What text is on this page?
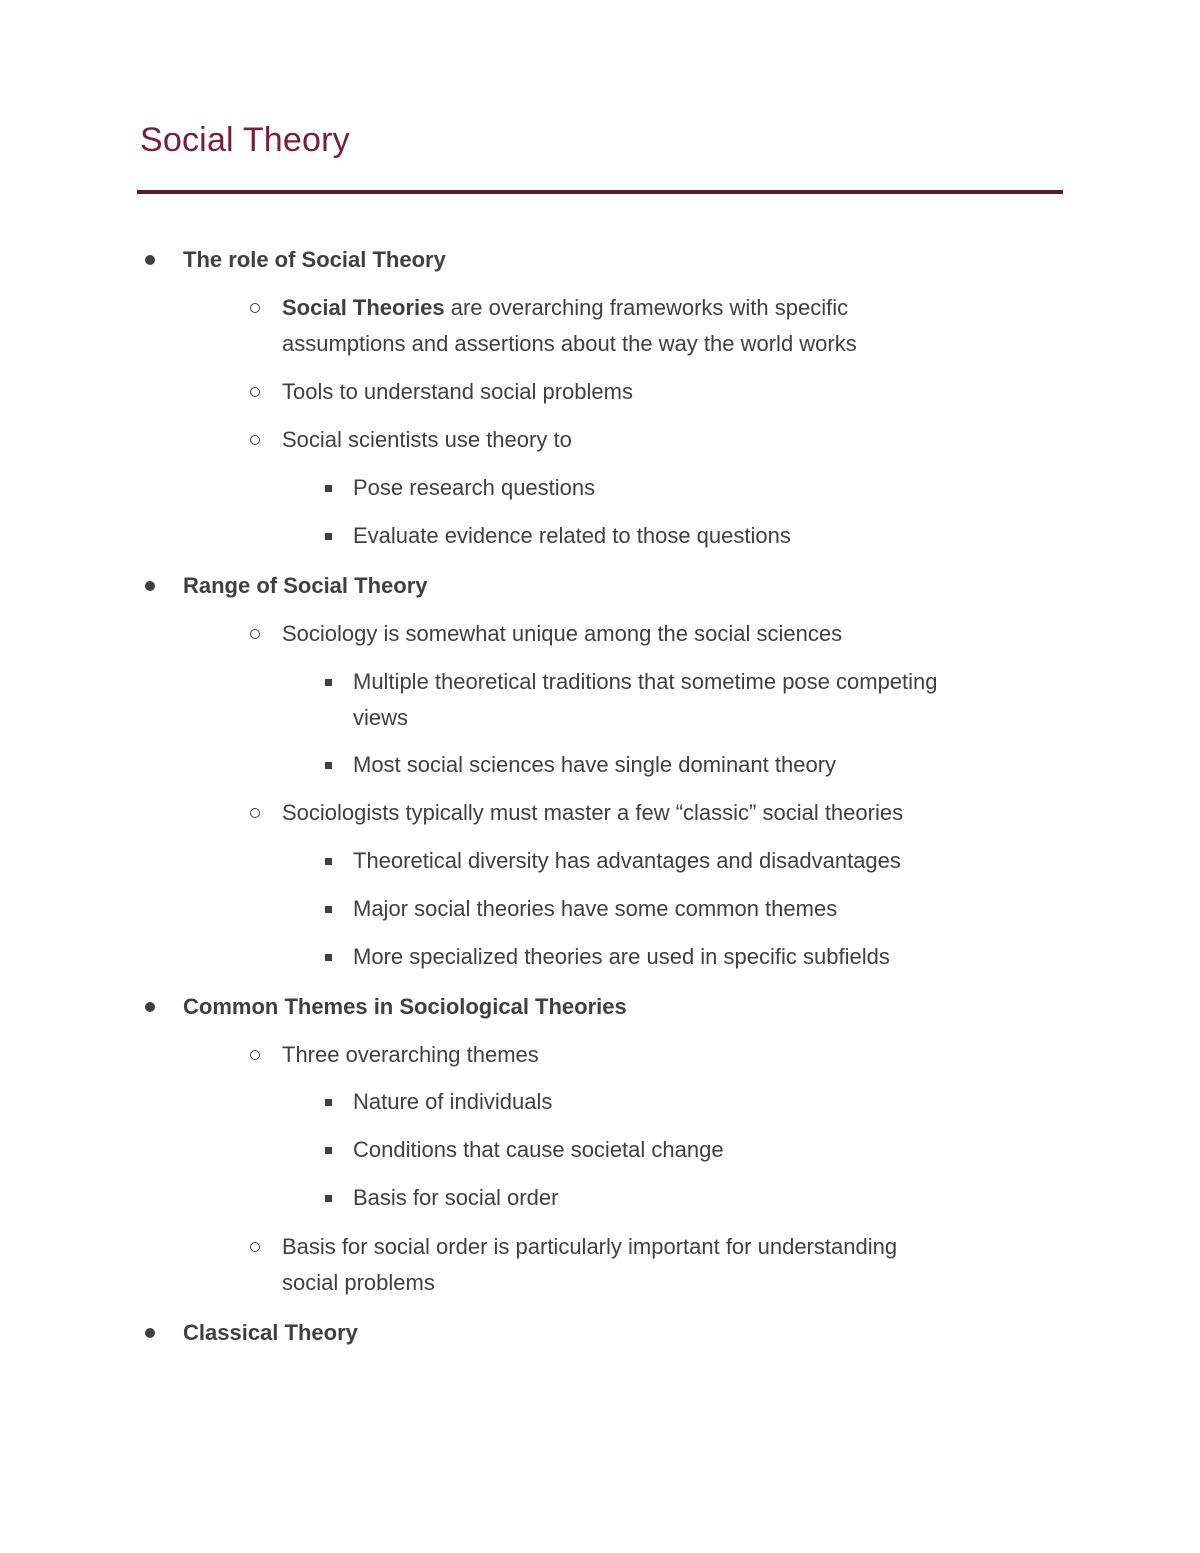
Social Theory
The role of Social Theory
Social Theories are overarching frameworks with specific
assumptions and assertions about the way the world works
Tools to understand social problems
Social scientists use theory to
Pose research questions
Evaluate evidence related to those questions
Range of Social Theory
Sociology is somewhat unique among the social sciences
Multiple theoretical traditions that sometime pose competing
views
Most social sciences have single dominant theory
Sociologists typically must master a few “classic” social theories
Theoretical diversity has advantages and disadvantages
Major social theories have some common themes
More specialized theories are used in specific subfields
Common Themes in Sociological Theories
Three overarching themes
Nature of individuals
Conditions that cause societal change
Basis for social order
Basis for social order is particularly important for understanding
social problems
Classical Theory
